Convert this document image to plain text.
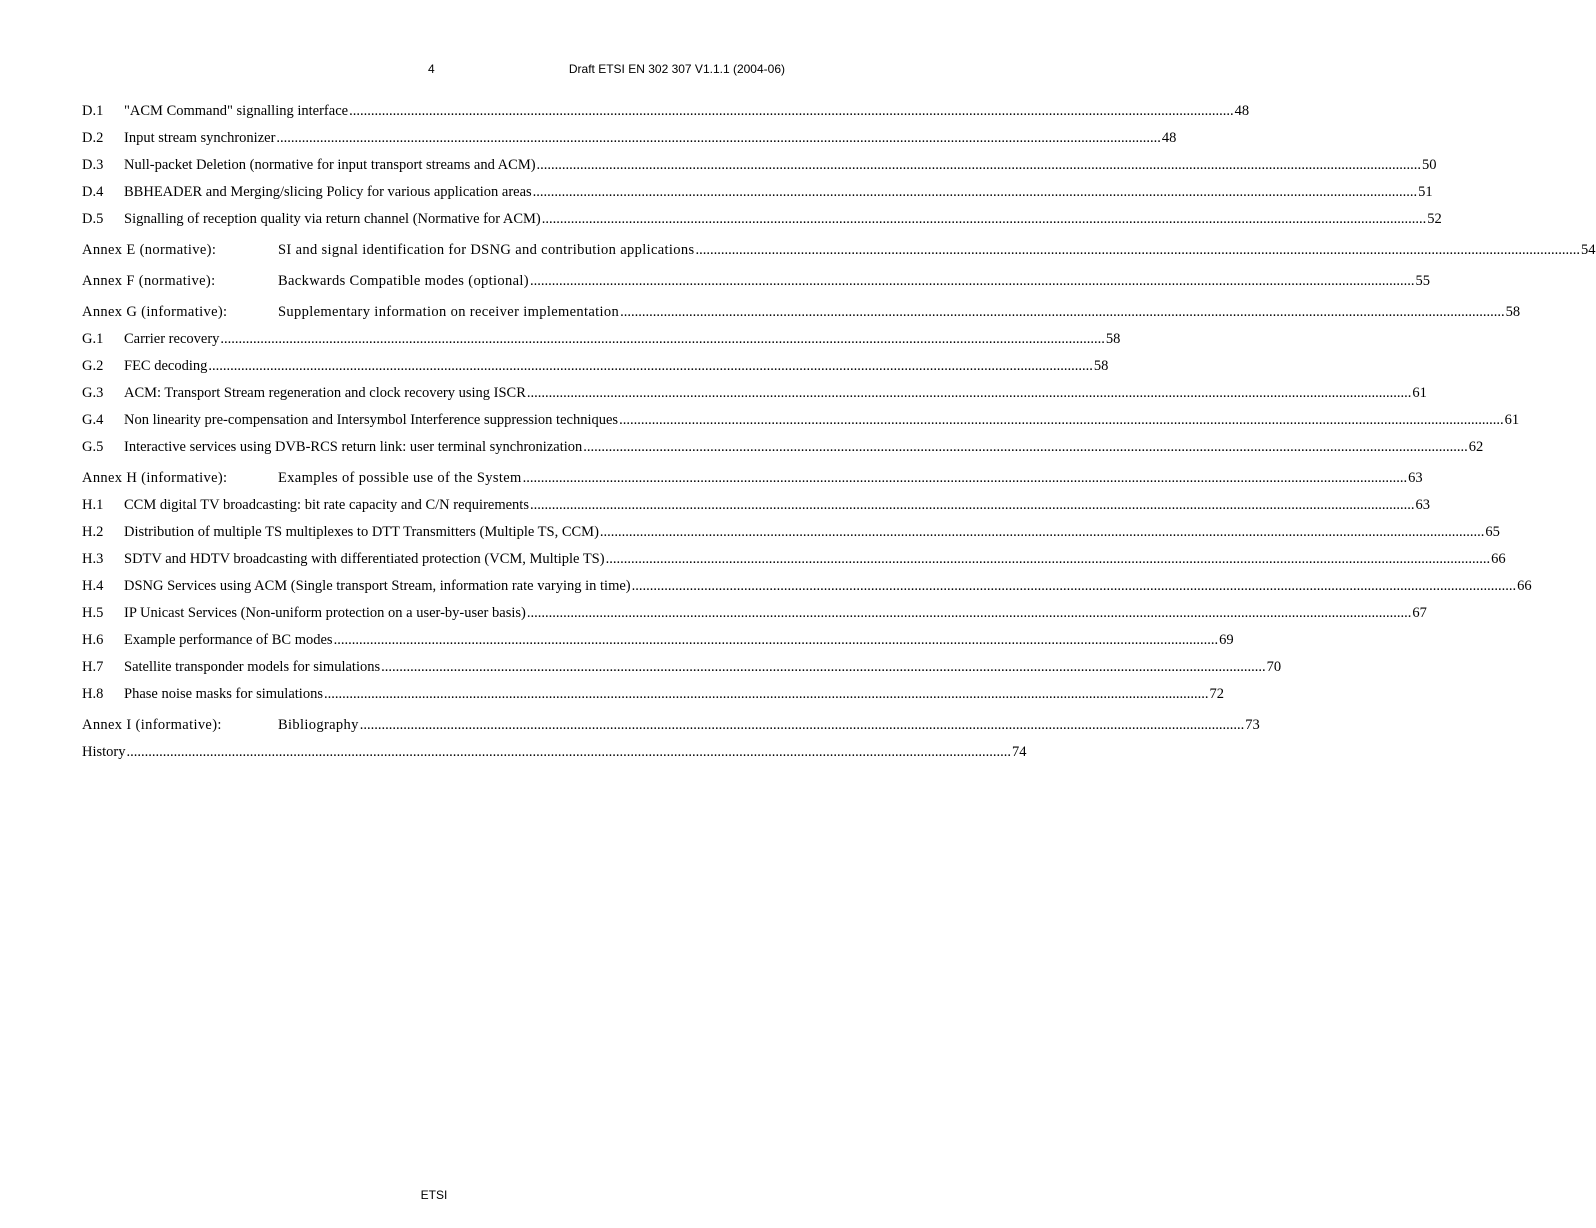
4	Draft ETSI EN 302 307 V1.1.1 (2004-06)
D.1	"ACM Command" signalling interface .....	48
D.2	Input stream synchronizer .....	48
D.3	Null-packet Deletion (normative for input transport streams and ACM) .....	50
D.4	BBHEADER and Merging/slicing Policy for various application areas .....	51
D.5	Signalling of reception quality via return channel (Normative for ACM) .....	52
Annex E (normative):	SI and signal identification for DSNG and contribution applications .....	54
Annex F (normative):	Backwards Compatible modes (optional) .....	55
Annex G (informative):	Supplementary information on receiver implementation .....	58
G.1	Carrier recovery .....	58
G.2	FEC decoding .....	58
G.3	ACM: Transport Stream regeneration and clock recovery using ISCR .....	61
G.4	Non linearity pre-compensation and Intersymbol Interference suppression techniques .....	61
G.5	Interactive services using DVB-RCS return link: user terminal synchronization .....	62
Annex H (informative):	Examples of possible use of the System .....	63
H.1	CCM digital TV broadcasting: bit rate capacity and C/N requirements .....	63
H.2	Distribution of multiple TS multiplexes to DTT Transmitters (Multiple TS, CCM) .....	65
H.3	SDTV and HDTV broadcasting with differentiated protection (VCM, Multiple TS) .....	66
H.4	DSNG Services using ACM (Single transport Stream, information rate varying in time) .....	66
H.5	IP Unicast Services (Non-uniform protection on a user-by-user basis) .....	67
H.6	Example performance of BC modes .....	69
H.7	Satellite transponder models for simulations .....	70
H.8	Phase noise masks for simulations .....	72
Annex I (informative):	Bibliography .....	73
History .....	74
ETSI
